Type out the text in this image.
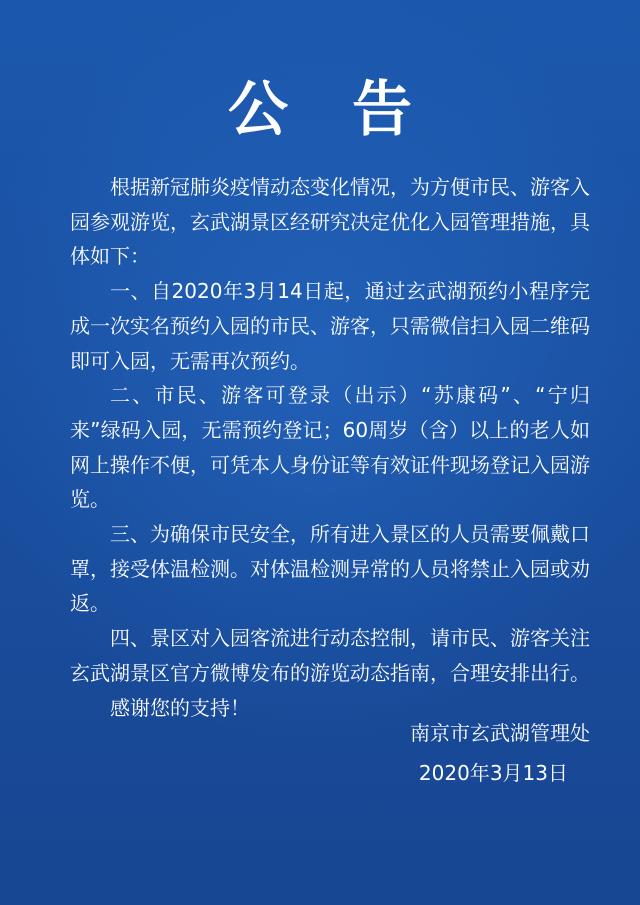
公告

根据新冠肺炎疫情动态变化情况，为方便市民、游客入园参观游览，玄武湖景区经研究决定优化入园管理措施，具体如下：

一、自2020年3月14日起，通过玄武湖预约小程序完成一次实名预约入园的市民、游客，只需微信扫入园二维码即可入园，无需再次预约。

二、市民、游客可登录（出示）“苏康码”、“宁归来”绿码入园，无需预约登记；60周岁（含）以上的老人如网上操作不便，可凭本人身份证等有效证件现场登记入园游览。

三、为确保市民安全，所有进入景区的人员需要佩戴口罩，接受体温检测。对体温检测异常的人员将禁止入园或劝返。

四、景区对入园客流进行动态控制，请市民、游客关注玄武湖景区官方微博发布的游览动态指南，合理安排出行。

感谢您的支持！

南京市玄武湖管理处

2020年3月13日
